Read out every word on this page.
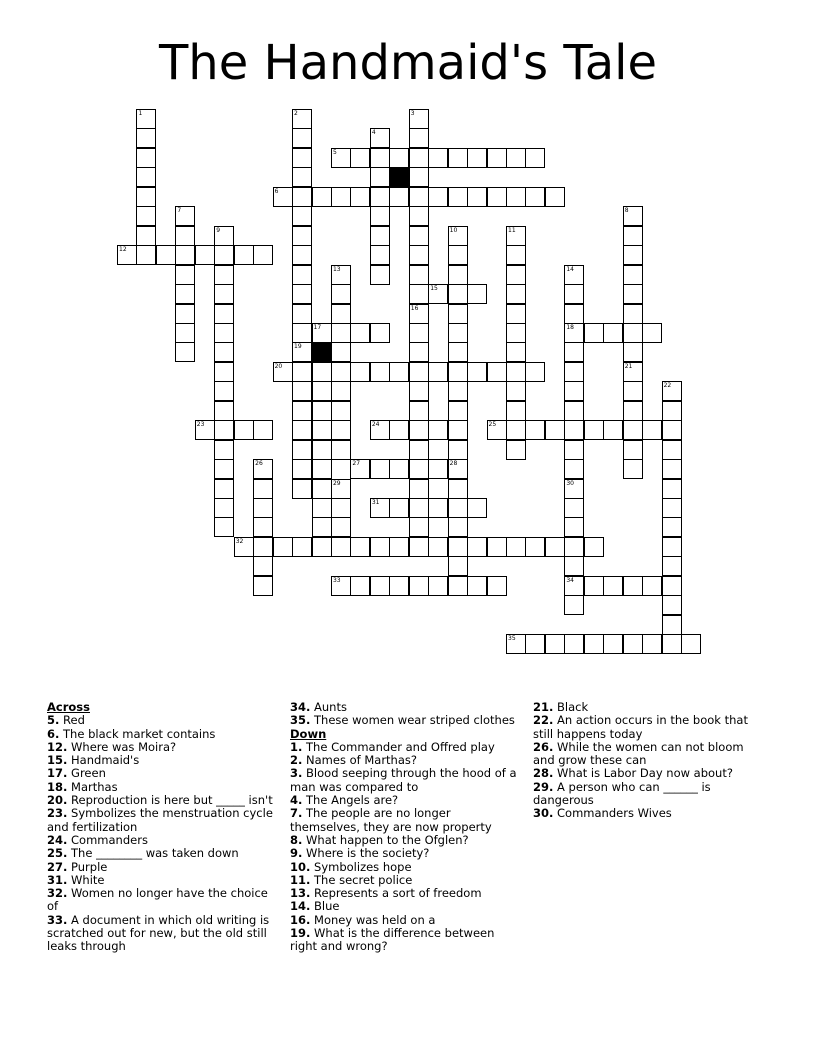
The Handmaid's Tale
5
6
12
15
17	18
20
23	24	25
27	28
31
32
33	34
35
1	2
19
3
16
4
7	8
21
9	10	11
13	14
30
22
26
29
Across
5. Red
6. The black market contains
12. Where was Moira?
15. Handmaid's
17. Green
18. Marthas
20. Reproduction is here but _____ isn't
23. Symbolizes the menstruation cycle and fertilization
24. Commanders
25. The ________ was taken down
27. Purple
31. White
32. Women no longer have the choice of
33. A document in which old writing is scratched out for new, but the old still leaks through
34. Aunts
35. These women wear striped clothes
Down
1. The Commander and Offred play
2. Names of Marthas?
3. Blood seeping through the hood of a man was compared to
4. The Angels are?
7. The people are no longer themselves, they are now property
8. What happen to the Ofglen?
9. Where is the society?
10. Symbolizes hope
11. The secret police
13. Represents a sort of freedom
14. Blue
16. Money was held on a
19. What is the difference between right and wrong?
21. Black
22. An action occurs in the book that still happens today
26. While the women can not bloom and grow these can
28. What is Labor Day now about?
29. A person who can ______ is dangerous
30. Commanders Wives
